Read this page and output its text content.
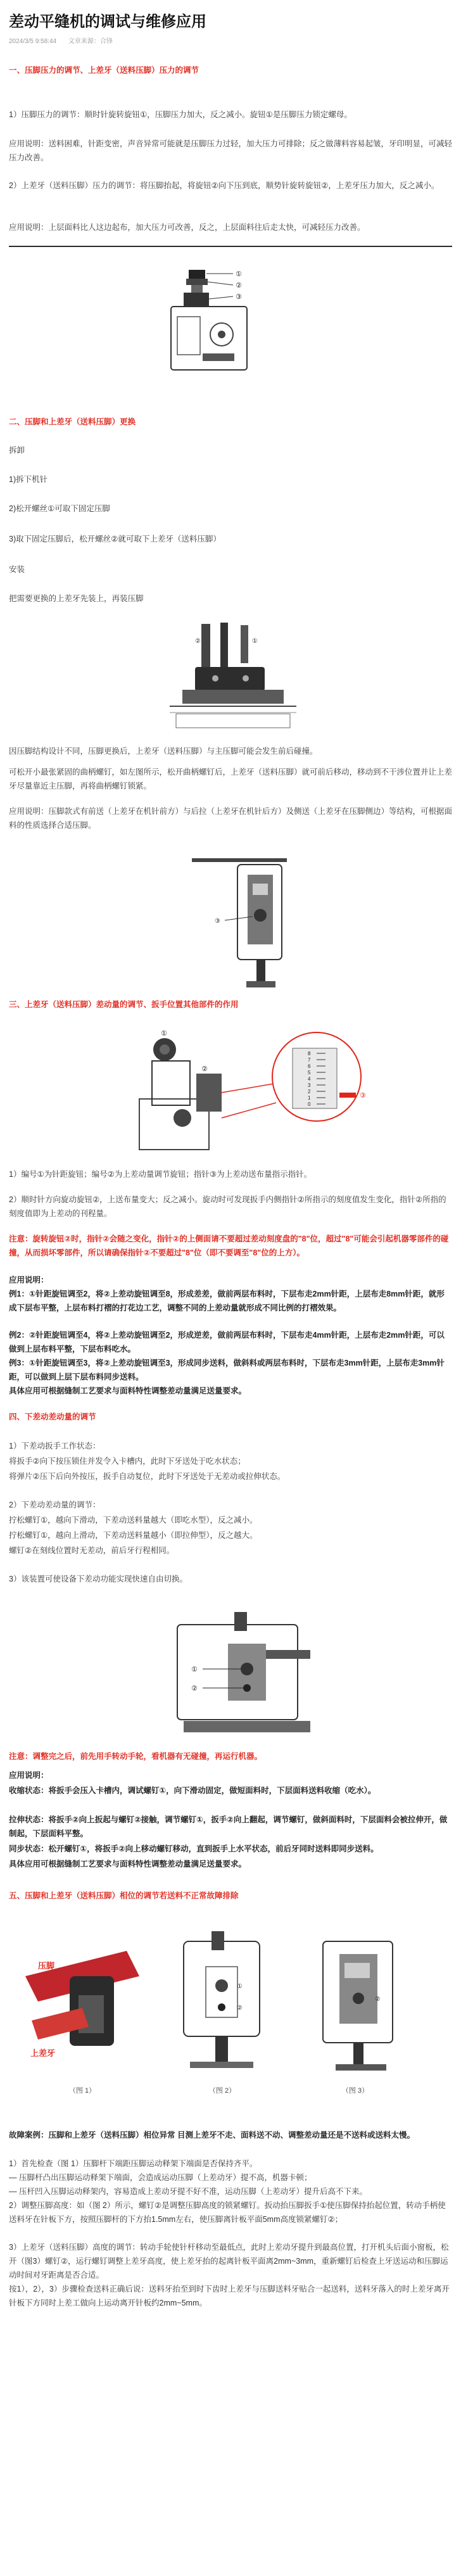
差动平缝机的调试与维修应用
2024/3/5 9:58:44 文章来源：合锋
一、压脚压力的调节、上差牙（送料压脚）压力的调节
1）压脚压力的调节：顺时针旋转旋钮①，压脚压力加大，反之减小。旋钮①是压脚压力锁定螺母。
应用说明：送料困难，针距变密，声音异常可能就是压脚压力过轻，加大压力可排除；反之做薄料容易起皱，牙印明显，可减轻压力改善。
2）上差牙（送料压脚）压力的调节：将压脚抬起，将旋钮②向下压到底，顺势针旋转旋钮②，上差牙压力加大，反之减小。
应用说明：上层面料比人这边起布，加大压力可改善，反之，上层面料往后走太快，可减轻压力改善。
①
②
③
二、压脚和上差牙（送料压脚）更换
拆卸
1)拆下机针
2)松开螺丝①可取下固定压脚
3)取下固定压脚后，松开螺丝②就可取下上差牙（送料压脚）
安装
把需要更换的上差牙先装上，再装压脚
②	①
因压脚结构设计不同，压脚更换后，上差牙（送料压脚）与主压脚可能会发生前后碰撞。
可松开小最张紧固的曲柄螺钉，如左图所示，松开曲柄螺钉后，上差牙（送料压脚）就可前后移动，移动到不干涉位置并让上差牙尽量靠近主压脚，再将曲柄螺钉锁紧。
应用说明：压脚款式有前送（上差牙在机针前方）与后拉（上差牙在机针后方）及侧送（上差牙在压脚侧边）等结构，可根据面料的性质选择合适压脚。
③
三、上差牙（送料压脚）差动量的调节、扳手位置其他部件的作用
8
7
6
5
4
3
2
1
0
③
①
②
1）编号①为针距旋钮；编号②为上差动量调节旋钮；指针③为上差动送布量指示指针。
2）顺时针方向旋动旋钮②，上送布量变大；反之减小。旋动时可发现扳手内侧指针②所指示的刻度值发生变化，指针②所指的刻度值即为上差动的刊程量。
注意：旋转旋钮②时，指针②会随之变化，指针②的上侧面请不要超过差动刻度盘的"8"位，超过"8"可能会引起机器零部件的碰撞，从而损坏零部件，所以请确保指针②不要超过"8"位（即不要调至"8"位的上方）。
应用说明：
例1：①针距旋钮调至2，将②上差动旋钮调至8，形成差差，做前两层布料时，下层布走2mm针距，上层布走8mm针距，就形成下层布平整，上层布料打褶的打花边工艺，调整不同的上差动量就形成不同比例的打褶效果。
例2：②针距旋钮调至4，将②上差动旋钮调至2，形成逆差，做前两层布料时，下层布走4mm针距，上层布走2mm针距，可以做到上层布料平整，下层布料吃水。
例3：①针距旋钮调至3，将②上差动旋钮调至3，形成同步送料，做斜料或两层布料时，下层布走3mm针距，上层布走3mm针距，可以做到上层下层布料同步送料。
具体应用可根据缝制工艺要求与面料特性调整差动量满足送量要求。
四、下差动差动量的调节
1）下差动扳手工作状态：
将扳手②向下按压锁住并发令入卡槽内，此时下牙送处于吃水状态；
将弹片②压下后向外按压，扳手自动复位，此时下牙送处于无差动或拉伸状态。
2）下差动差动量的调节：
拧松螺钉①，越向下滑动，下差动送料量越大（即吃水型），反之减小。
拧松螺钉①，越向上滑动，下差动送料量越小（即拉伸型），反之越大。
螺钉②在刻线位置时无差动，前后牙行程相同。
3）该装置可使设备下差动功能实现快速自由切换。
①
②
注意：调整完之后，前先用手转动手轮，看机器有无碰撞，再运行机器。
应用说明：
收缩状态：将扳手会压入卡槽内，调试螺钉①，向下滑动固定，做短面料时，下层面料送料收缩（吃水）。
拉伸状态：将扳手②向上扳起与螺钉②接触，调节螺钉①，扳手②向上翻起，调节螺钉，做斜面料时，下层面料会被拉伸开，做制起，下层面料平整。
同步状态：松开螺钉①，将扳手②向上移动螺钉移动，直到扳手上水平状态，前后牙同时送料即同步送料。
具体应用可根据缝制工艺要求与面料特性调整差动量满足送量要求。
五、压脚和上差牙（送料压脚）相位的调节若送料不正常故障排除
压脚
上差牙
①
②
②
（图 1）	（图 2）	（图 3）
故障案例：压脚和上差牙（送料压脚）相位异常 目测上差牙不走、面料送不动、调整差动量还是不送料或送料太慢。
1）首先检查（图 1）压脚杆下端距压脚运动释架下端面是否保持齐平。
— 压脚杆凸出压脚运动释架下端面，会造成运动压脚（上差动牙）提不高，机器卡顿；
— 压杆凹入压脚运动释架内，容易造成上差动牙提不好不准，运动压脚（上差动牙）提升后高不下来。
2）调整压脚高度：如（图 2）所示，螺钉②是调整压脚高度的锁紧螺钉。扳动抬压脚扳手①使压脚保持抬起位置，转动手柄使送料牙在针板下方，按照压脚杆的下方抬1.5mm左右，使压脚离针板平面5mm高度锁紧螺钉②；
3）上差牙（送料压脚）高度的调节：转动手轮使针杆移动至最低点，此时上差动牙提升到最高位置，打开机头后面小窗板，松开（图3）螺钉②，运行螺钉调整上差牙高度，使上差牙抬的起离针板平面离2mm~3mm，重新螺钉后检查上牙送运动和压脚运动时间对牙距离是否合适。
按1），2），3）步骤检查送料正确后说：送料牙抬至到时下齿时上差牙与压脚送料牙贴合一起送料，送料牙落入的时上差牙离开针板下方同时上差工做向上运动离开针板约2mm~5mm。
